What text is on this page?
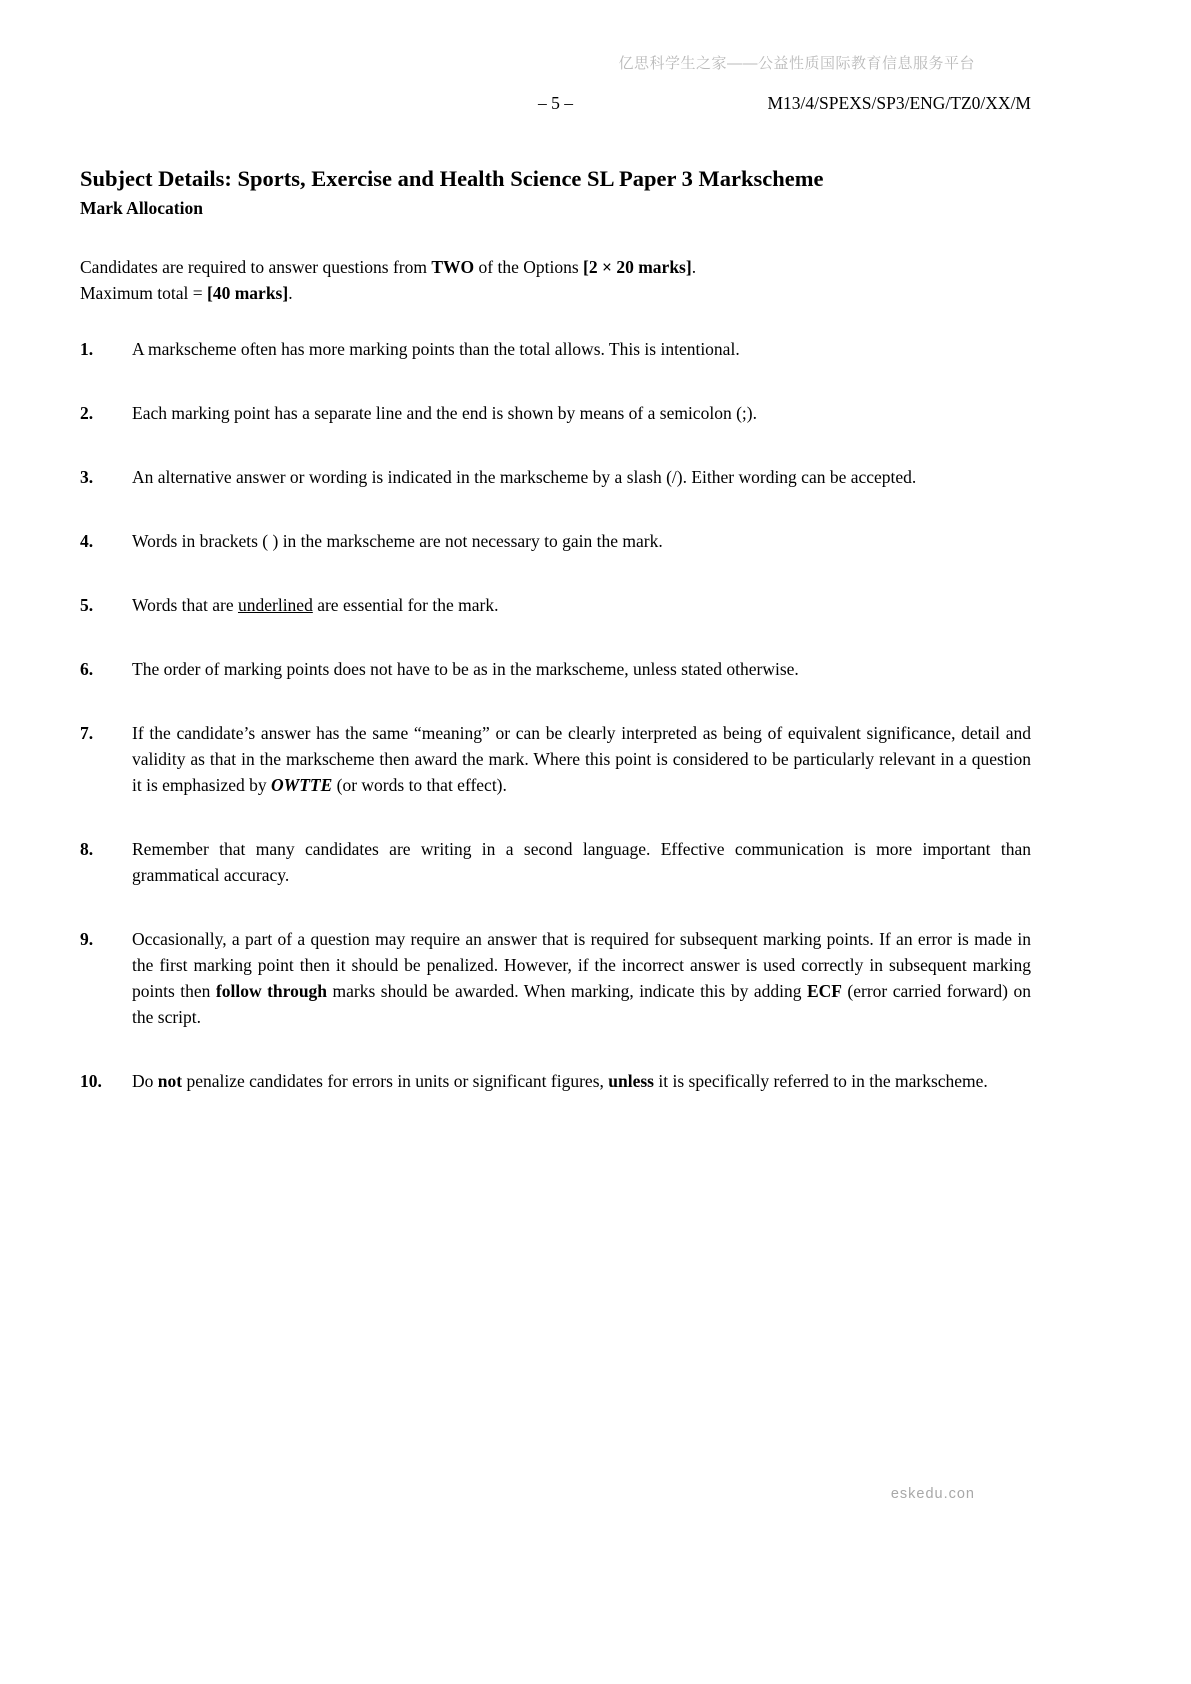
亿思科学生之家——公益性质国际教育信息服务平台
– 5 –	M13/4/SPEXS/SP3/ENG/TZ0/XX/M
Subject Details: Sports, Exercise and Health Science SL Paper 3 Markscheme
Mark Allocation
Candidates are required to answer questions from TWO of the Options [2 × 20 marks].
Maximum total = [40 marks].
1.	A markscheme often has more marking points than the total allows. This is intentional.
2.	Each marking point has a separate line and the end is shown by means of a semicolon (;).
3.	An alternative answer or wording is indicated in the markscheme by a slash (/). Either wording can be accepted.
4.	Words in brackets ( ) in the markscheme are not necessary to gain the mark.
5.	Words that are underlined are essential for the mark.
6.	The order of marking points does not have to be as in the markscheme, unless stated otherwise.
7.	If the candidate’s answer has the same “meaning” or can be clearly interpreted as being of equivalent significance, detail and validity as that in the markscheme then award the mark. Where this point is considered to be particularly relevant in a question it is emphasized by OWTTE (or words to that effect).
8.	Remember that many candidates are writing in a second language. Effective communication is more important than grammatical accuracy.
9.	Occasionally, a part of a question may require an answer that is required for subsequent marking points. If an error is made in the first marking point then it should be penalized. However, if the incorrect answer is used correctly in subsequent marking points then follow through marks should be awarded. When marking, indicate this by adding ECF (error carried forward) on the script.
10.	Do not penalize candidates for errors in units or significant figures, unless it is specifically referred to in the markscheme.
eskedu.con
